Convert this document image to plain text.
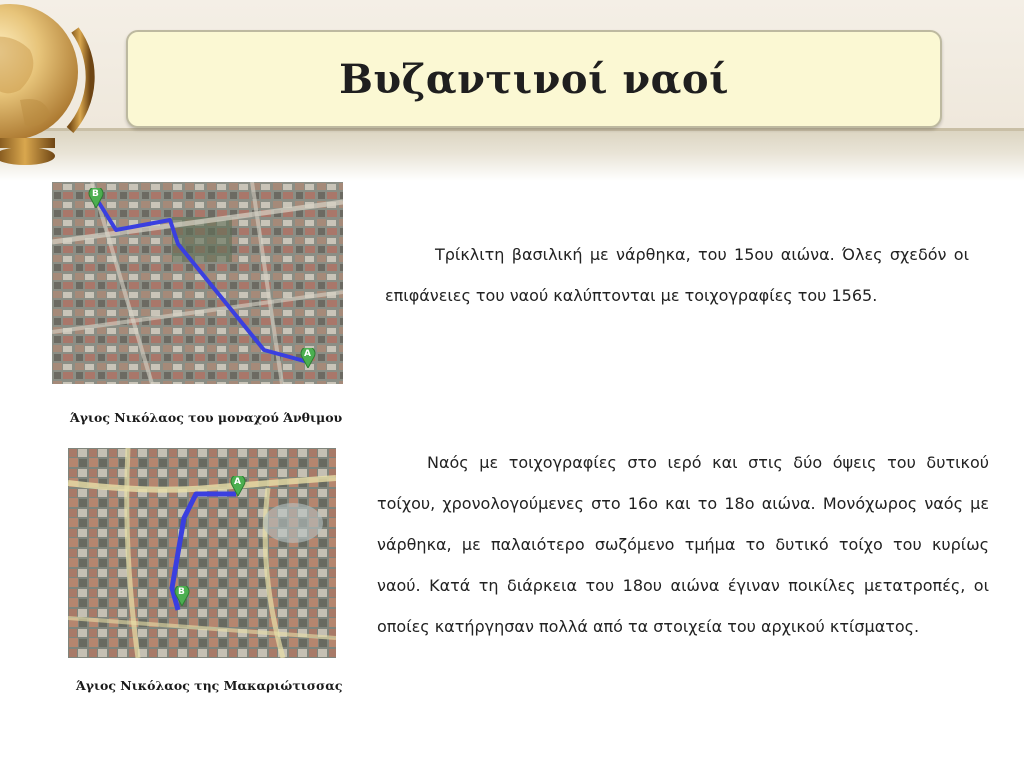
Βυζαντινοί ναοί
B
A
Άγιος Νικόλαος του μοναχού Άνθιμου
A
B
Άγιος Νικόλαος της Μακαριώτισσας

Τρίκλιτη βασιλική με νάρθηκα, του 15ου αιώνα. Όλες σχεδόν οι επιφάνειες του ναού καλύπτονται με τοιχογραφίες του 1565.

Ναός με τοιχογραφίες στο ιερό και στις δύο όψεις του δυτικού τοίχου, χρονολογούμενες στο 16ο και το 18ο αιώνα. Μονόχωρος ναός με νάρθηκα, με παλαιότερο σωζόμενο τμήμα το δυτικό τοίχο του κυρίως ναού. Κατά τη διάρκεια του 18ου αιώνα έγιναν ποικίλες μετατροπές, οι οποίες κατήργησαν πολλά από τα στοιχεία του αρχικού κτίσματος.
